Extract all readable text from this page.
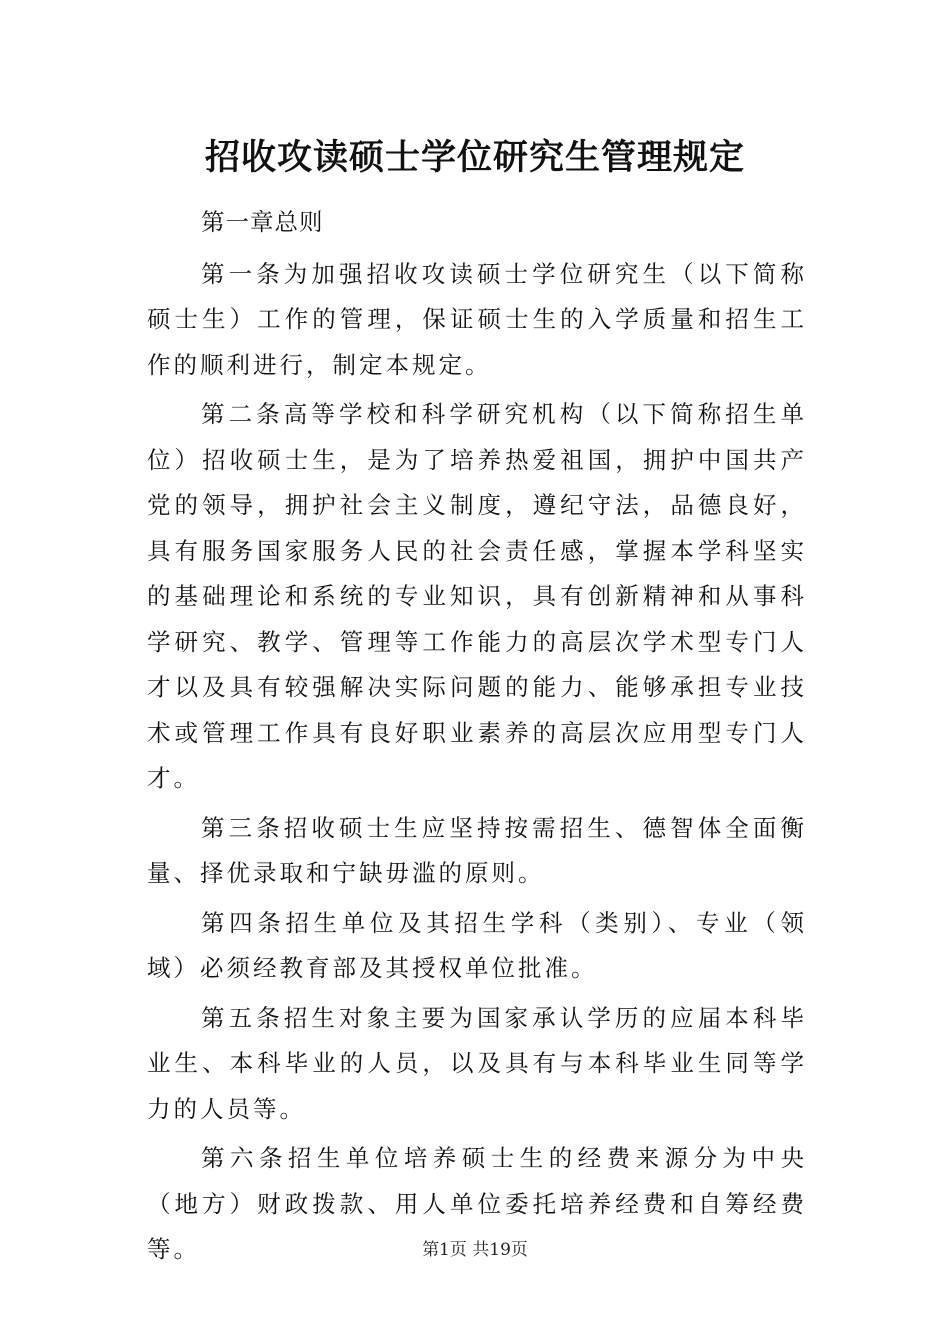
招收攻读硕士学位研究生管理规定

第一章总则

第一条为加强招收攻读硕士学位研究生（以下简称硕士生）工作的管理，保证硕士生的入学质量和招生工作的顺利进行，制定本规定。

第二条高等学校和科学研究机构（以下简称招生单位）招收硕士生，是为了培养热爱祖国，拥护中国共产党的领导，拥护社会主义制度，遵纪守法，品德良好，具有服务国家服务人民的社会责任感，掌握本学科坚实的基础理论和系统的专业知识，具有创新精神和从事科学研究、教学、管理等工作能力的高层次学术型专门人才以及具有较强解决实际问题的能力、能够承担专业技术或管理工作具有良好职业素养的高层次应用型专门人才。

第三条招收硕士生应坚持按需招生、德智体全面衡量、择优录取和宁缺毋滥的原则。

第四条招生单位及其招生学科（类别）、专业（领域）必须经教育部及其授权单位批准。

第五条招生对象主要为国家承认学历的应届本科毕业生、本科毕业的人员，以及具有与本科毕业生同等学力的人员等。

第六条招生单位培养硕士生的经费来源分为中央（地方）财政拨款、用人单位委托培养经费和自筹经费等。	第1页 共19页
